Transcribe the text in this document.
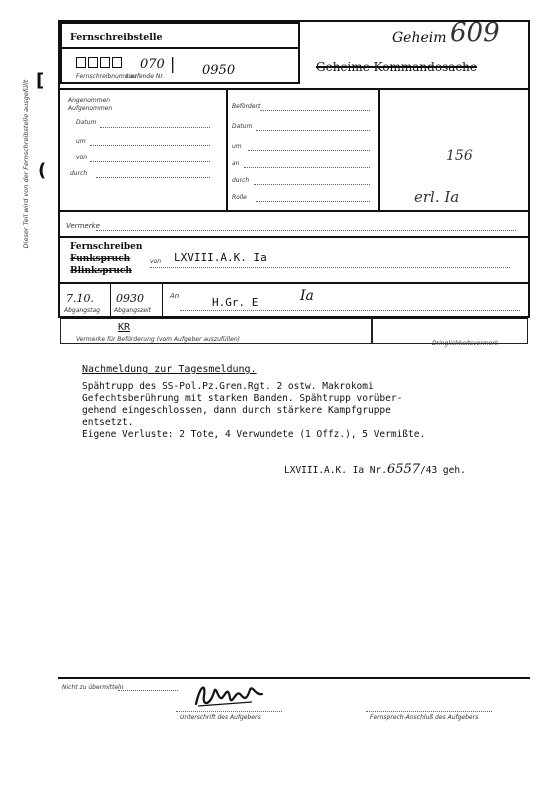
Dieser Teil wird von der Fernschreibstelle ausgefüllt [
(
Fernschreibstelle
070 | 0950
Fernschreibnummer
Laufende Nr.
Geheim 609
Geheime Kommandosache
Angenommen
Aufgenommen
Datum
um
von
durch
Befördert
Datum
um
an
durch
Rolle
156
erl. Ia
Vermerke
Fernschreiben
Funkspruch
Blinkspruch
von LXVIII.A.K. Ia
7.10. 0930
Abgangstag Abgangszeit
An	H.Gr. E	Ia
KR
Vermerke für Beförderung (vom Aufgeber auszufüllen)
Dringlichkeitsvermerk
Nachmeldung zur Tagesmeldung.
Spähtrupp des SS-Pol.Pz.Gren.Rgt. 2 ostw. Makrokomi
Gefechtsberührung mit starken Banden. Spähtrupp vorüber-
gehend eingeschlossen, dann durch stärkere Kampfgruppe
entsetzt.
Eigene Verluste: 2 Tote, 4 Verwundete (1 Offz.), 5 Vermißte.
LXVIII.A.K. Ia Nr.6557/43 geh.
Nicht zu übermitteln
Unterschrift des Aufgebers	Fernsprech-Anschluß des Aufgebers
